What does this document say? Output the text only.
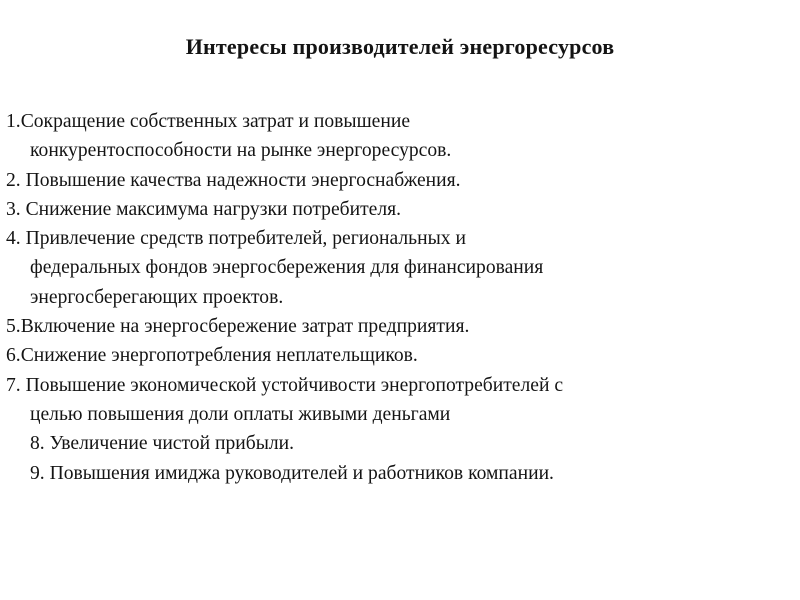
Интересы производителей энергоресурсов
1.Сокращение собственных затрат и повышение
конкурентоспособности на рынке энергоресурсов.
2. Повышение качества надежности энергоснабжения.
3. Снижение максимума нагрузки потребителя.
4. Привлечение средств потребителей, региональных и
федеральных фондов энергосбережения для финансирования
энергосберегающих проектов.
5.Включение на энергосбережение затрат предприятия.
6.Снижение энергопотребления неплательщиков.
7. Повышение экономической устойчивости энергопотребителей с
целью повышения доли оплаты живыми деньгами
8. Увеличение чистой прибыли.
9. Повышения имиджа руководителей и работников компании.
